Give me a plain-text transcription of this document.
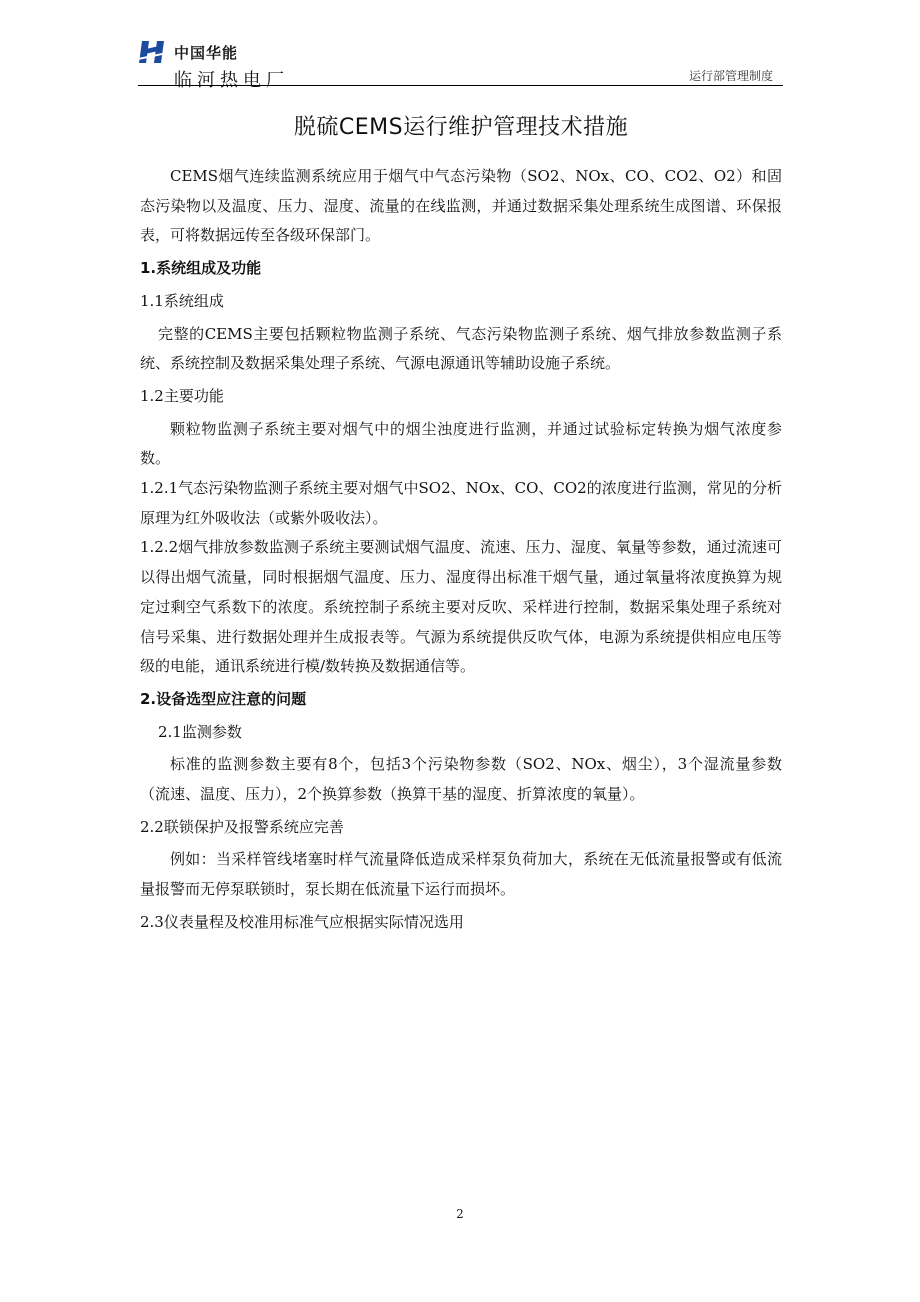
中国华能
临河热电厂	运行部管理制度
脱硫CEMS运行维护管理技术措施

CEMS烟气连续监测系统应用于烟气中气态污染物（SO2、NOx、CO、CO2、O2）和固态污染物以及温度、压力、湿度、流量的在线监测，并通过数据采集处理系统生成图谱、环保报表，可将数据远传至各级环保部门。

1.系统组成及功能
1.1系统组成

完整的CEMS主要包括颗粒物监测子系统、气态污染物监测子系统、烟气排放参数监测子系统、系统控制及数据采集处理子系统、气源电源通讯等辅助设施子系统。

1.2主要功能

颗粒物监测子系统主要对烟气中的烟尘浊度进行监测，并通过试验标定转换为烟气浓度参数。

1.2.1气态污染物监测子系统主要对烟气中SO2、NOx、CO、CO2的浓度进行监测，常见的分析原理为红外吸收法（或紫外吸收法）。

1.2.2烟气排放参数监测子系统主要测试烟气温度、流速、压力、湿度、氧量等参数，通过流速可以得出烟气流量，同时根据烟气温度、压力、湿度得出标准干烟气量，通过氧量将浓度换算为规定过剩空气系数下的浓度。系统控制子系统主要对反吹、采样进行控制，数据采集处理子系统对信号采集、进行数据处理并生成报表等。气源为系统提供反吹气体，电源为系统提供相应电压等级的电能，通讯系统进行模/数转换及数据通信等。

2.设备选型应注意的问题
2.1监测参数

标准的监测参数主要有8个，包括3个污染物参数（SO2、NOx、烟尘），3个湿流量参数（流速、温度、压力），2个换算参数（换算干基的湿度、折算浓度的氧量）。

2.2联锁保护及报警系统应完善

例如：当采样管线堵塞时样气流量降低造成采样泵负荷加大，系统在无低流量报警或有低流量报警而无停泵联锁时，泵长期在低流量下运行而损坏。

2.3仪表量程及校准用标准气应根据实际情况选用
2
